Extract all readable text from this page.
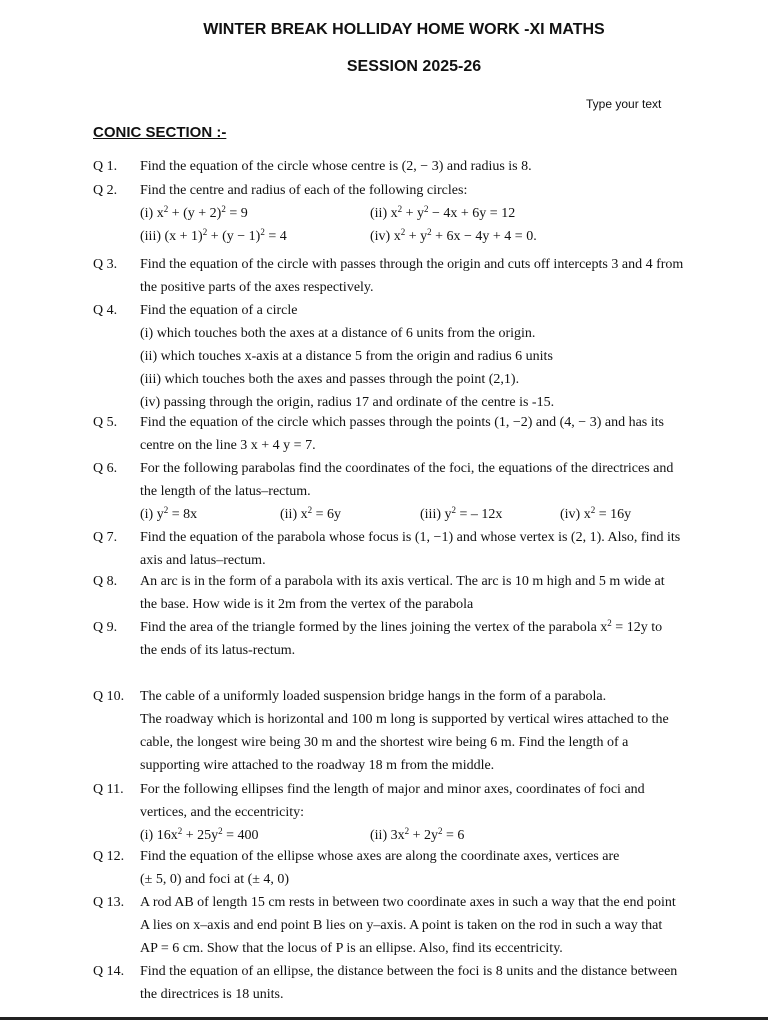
WINTER BREAK HOLLIDAY HOME WORK -XI MATHS
SESSION 2025-26
Type your text
CONIC SECTION :-
Q 1. Find the equation of the circle whose centre is (2, − 3) and radius is 8.
Q 2. Find the centre and radius of each of the following circles:
(i) $x^2 + (y + 2)^2 = 9$	(ii) $x^2 + y^2 - 4x + 6y = 12$
(iii) $(x + 1)^2 + (y - 1)^2 = 4$	(iv) $x^2 + y^2 + 6x - 4y + 4 = 0$.
Q 3. Find the equation of the circle with passes through the origin and cuts off intercepts 3 and 4 from
the positive parts of the axes respectively.
Q 4. Find the equation of a circle
(i) which touches both the axes at a distance of 6 units from the origin.
(ii) which touches x-axis at a distance 5 from the origin and radius 6 units
(iii) which touches both the axes and passes through the point (2,1).
(iv) passing through the origin, radius 17 and ordinate of the centre is -15.
Q 5. Find the equation of the circle which passes through the points (1, −2) and (4, − 3) and has its
centre on the line 3 x + 4 y = 7.
Q 6. For the following parabolas find the coordinates of the foci, the equations of the directrices and
the length of the latus–rectum.
(i) $y^2 = 8x$	(ii) $x^2 = 6y$	(iii) $y^2$ = – 12x	(iv) $x^2 = 16y$
Q 7. Find the equation of the parabola whose focus is (1, −1) and whose vertex is (2, 1). Also, find its
axis and latus–rectum.
Q 8. An arc is in the form of a parabola with its axis vertical. The arc is 10 m high and 5 m wide at
the base. How wide is it 2m from the vertex of the parabola
Q 9. Find the area of the triangle formed by the lines joining the vertex of the parabola $x^2 = 12y$ to
the ends of its latus-rectum.
Q 10. The cable of a uniformly loaded suspension bridge hangs in the form of a parabola.
The roadway which is horizontal and 100 m long is supported by vertical wires attached to the
cable, the longest wire being 30 m and the shortest wire being 6 m. Find the length of a
supporting wire attached to the roadway 18 m from the middle.
Q 11. For the following ellipses find the length of major and minor axes, coordinates of foci and
vertices, and the eccentricity:
(i) $16x^2 + 25y^2 = 400$	(ii) $3x^2 + 2y^2 = 6$
Q 12. Find the equation of the ellipse whose axes are along the coordinate axes, vertices are
(± 5, 0) and foci at (± 4, 0)
Q 13. A rod AB of length 15 cm rests in between two coordinate axes in such a way that the end point
A lies on x–axis and end point B lies on y–axis. A point is taken on the rod in such a way that
AP = 6 cm. Show that the locus of P is an ellipse. Also, find its eccentricity.
Q 14. Find the equation of an ellipse, the distance between the foci is 8 units and the distance between
the directrices is 18 units.
